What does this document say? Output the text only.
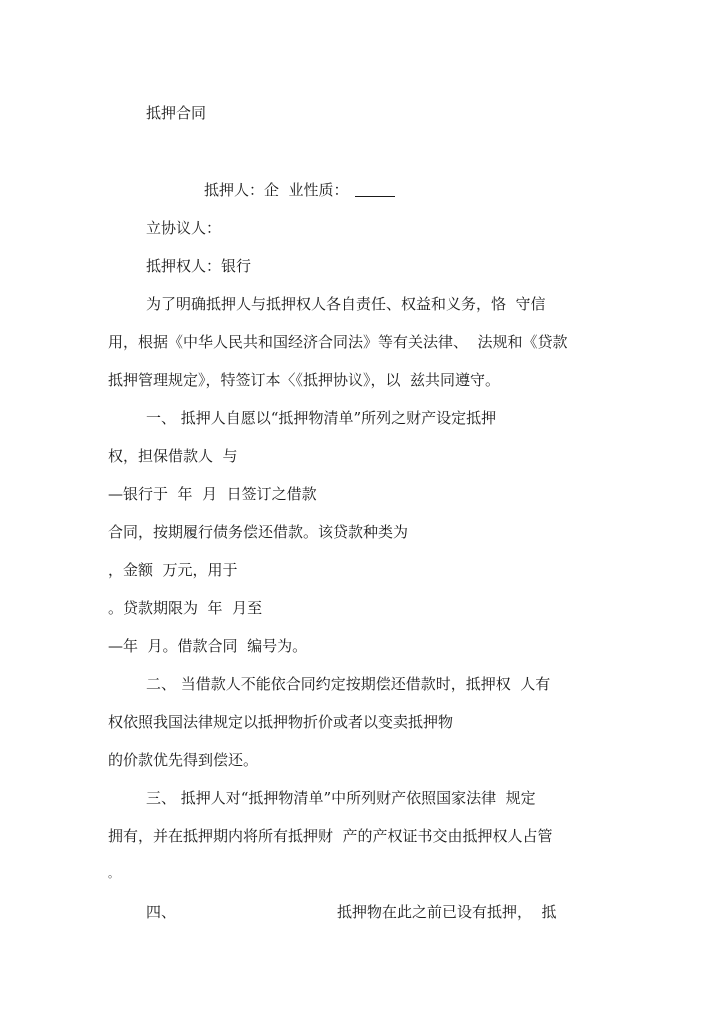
抵押合同

抵押人：企  业性质：

立协议人：

抵押权人：银行

为了明确抵押人与抵押权人各自责任、权益和义务，恪  守信

用，根据《中华人民共和国经济合同法》等有关法律、  法规和《贷款

抵押管理规定》，特签订本〈《抵押协议》，以  兹共同遵守。

一、 抵押人自愿以“抵押物清单”所列之财产设定抵押

权，担保借款人  与

—银行于  年  月  日签订之借款

合同，按期履行债务偿还借款。该贷款种类为

，金额  万元，用于

。贷款期限为  年  月至

—年  月。借款合同  编号为。

二、 当借款人不能依合同约定按期偿还借款时，抵押权  人有

权依照我国法律规定以抵押物折价或者以变卖抵押物

的价款优先得到偿还。

三、 抵押人对“抵押物清单”中所列财产依照国家法律  规定

拥有，并在抵押期内将所有抵押财  产的产权证书交由抵押权人占管

。

四、	抵押物在此之前已设有抵押，  抵
